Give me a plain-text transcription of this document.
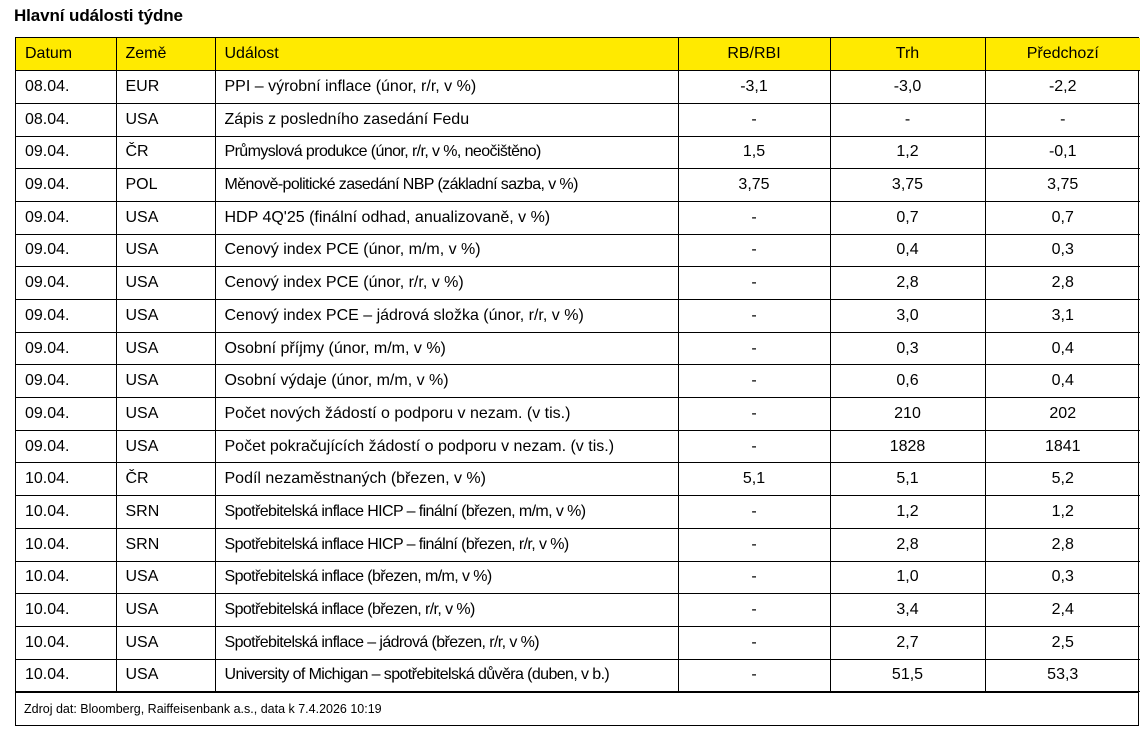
Hlavní události týdne
Datum	Země	Událost	RB/RBI	Trh	Předchozí
08.04.	EUR	PPI – výrobní inflace (únor, r/r, v %)	-3,1	-3,0	-2,2
08.04.	USA	Zápis z posledního zasedání Fedu	-	-	-
09.04.	ČR	Průmyslová produkce (únor, r/r, v %, neočištěno)	1,5	1,2	-0,1
09.04.	POL	Měnově-politické zasedání NBP (základní sazba, v %)	3,75	3,75	3,75
09.04.	USA	HDP 4Q'25 (finální odhad, anualizovaně, v %)	-	0,7	0,7
09.04.	USA	Cenový index PCE (únor, m/m, v %)	-	0,4	0,3
09.04.	USA	Cenový index PCE (únor, r/r, v %)	-	2,8	2,8
09.04.	USA	Cenový index PCE – jádrová složka (únor, r/r, v %)	-	3,0	3,1
09.04.	USA	Osobní příjmy (únor, m/m, v %)	-	0,3	0,4
09.04.	USA	Osobní výdaje (únor, m/m, v %)	-	0,6	0,4
09.04.	USA	Počet nových žádostí o podporu v nezam. (v tis.)	-	210	202
09.04.	USA	Počet pokračujících žádostí o podporu v nezam. (v tis.)	-	1828	1841
10.04.	ČR	Podíl nezaměstnaných (březen, v %)	5,1	5,1	5,2
10.04.	SRN	Spotřebitelská inflace HICP – finální (březen, m/m, v %)	-	1,2	1,2
10.04.	SRN	Spotřebitelská inflace HICP – finální (březen, r/r, v %)	-	2,8	2,8
10.04.	USA	Spotřebitelská inflace (březen, m/m, v %)	-	1,0	0,3
10.04.	USA	Spotřebitelská inflace (březen, r/r, v %)	-	3,4	2,4
10.04.	USA	Spotřebitelská inflace – jádrová (březen, r/r, v %)	-	2,7	2,5
10.04.	USA	University of Michigan – spotřebitelská důvěra (duben, v b.)	-	51,5	53,3
Zdroj dat: Bloomberg, Raiffeisenbank a.s., data k 7.4.2026 10:19
